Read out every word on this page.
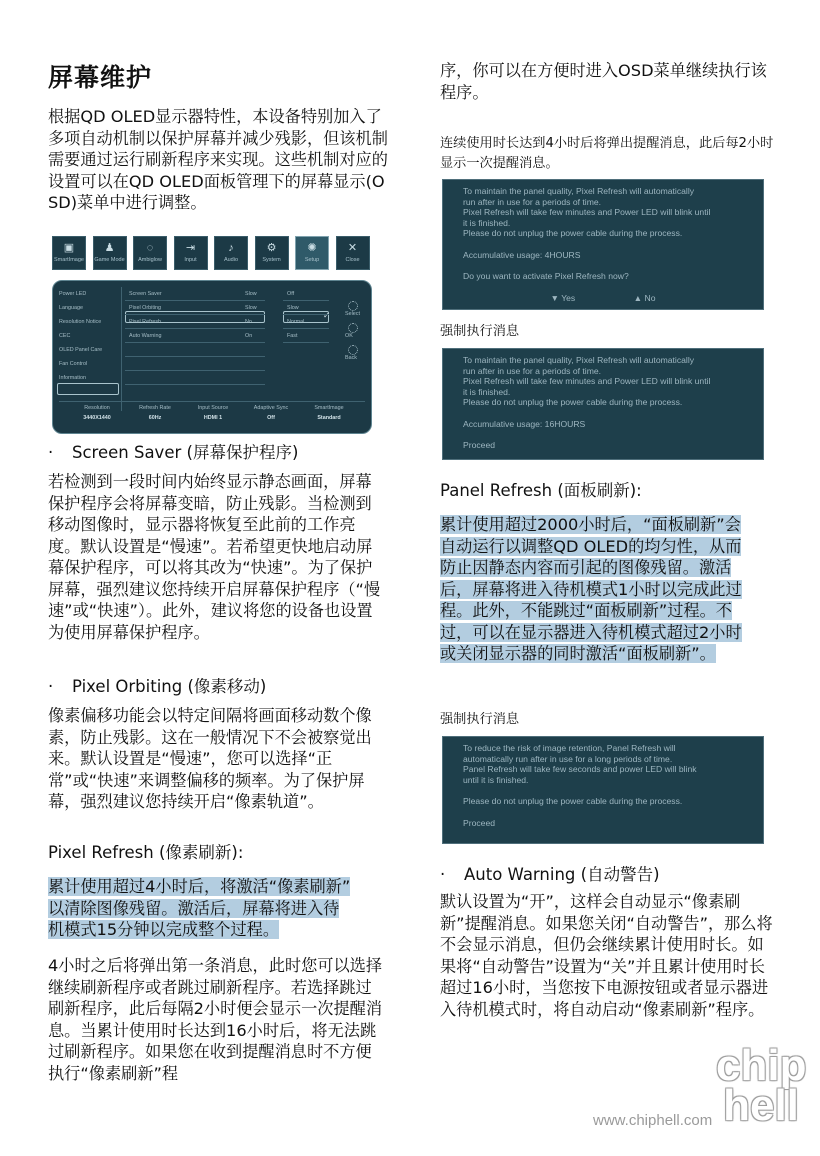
屏幕维护
根据QD OLED显示器特性，本设备特别加入了多项自动机制以保护屏幕并减少残影，但该机制需要通过运行刷新程序来实现。这些机制对应的设置可以在QD OLED面板管理下的屏幕显示(OSD)菜单中进行调整。
▣
SmartImage
♟
Game Mode
◌
Ambiglow
⇥
Input
♪
Audio
⚙
System
✺
Setup
✕
Close
✓
Power LED
Language
Resolution Notice
CEC
OLED Panel Care
Fan Control
Information
Screen Saver	Slow
Pixel Orbiting	Slow
Pixel Refresh	No
Auto Warning	On
Off
Slow
Normal
Fast
Select
OK
Back
Resolution
3440X1440
Refresh Rate
60Hz
Input Source
HDMI 1
Adaptive Sync
Off
SmartImage
Standard
· Screen Saver (屏幕保护程序)
若检测到一段时间内始终显示静态画面，屏幕保护程序会将屏幕变暗，防止残影。当检测到移动图像时，显示器将恢复至此前的工作亮度。默认设置是“慢速”。若希望更快地启动屏幕保护程序，可以将其改为“快速”。为了保护屏幕，强烈建议您持续开启屏幕保护程序（“慢速”或“快速”）。此外，建议将您的设备也设置为使用屏幕保护程序。
· Pixel Orbiting (像素移动)
像素偏移功能会以特定间隔将画面移动数个像素，防止残影。这在一般情况下不会被察觉出来。默认设置是“慢速”，您可以选择“正常”或“快速”来调整偏移的频率。为了保护屏幕，强烈建议您持续开启“像素轨道”。
Pixel Refresh (像素刷新):
累计使用超过4小时后，将激活“像素刷新”
以清除图像残留。激活后，屏幕将进入待
机模式15分钟以完成整个过程。
4小时之后将弹出第一条消息，此时您可以选择继续刷新程序或者跳过刷新程序。若选择跳过刷新程序，此后每隔2小时便会显示一次提醒消息。当累计使用时长达到16小时后，将无法跳过刷新程序。如果您在收到提醒消息时不方便执行“像素刷新”程
序，你可以在方便时进入OSD菜单继续执行该程序。
连续使用时长达到4小时后将弹出提醒消息，此后每2小时显示一次提醒消息。

To maintain the panel quality, Pixel Refresh will automatically

run after in use for a periods of time.

Pixel Refresh will take few minutes and Power LED will blink until

it is finished.

Please do not unplug the power cable during the process.

Accumulative usage: 4HOURS

Do you want to activate Pixel Refresh now?

▼ Yes	▲ No
强制执行消息

To maintain the panel quality, Pixel Refresh will automatically

run after in use for a periods of time.

Pixel Refresh will take few minutes and Power LED will blink until

it is finished.

Please do not unplug the power cable during the process.

Accumulative usage: 16HOURS

Proceed

Panel Refresh (面板刷新):
累计使用超过2000小时后，“面板刷新”会
自动运行以调整QD OLED的均匀性，从而
防止因静态内容而引起的图像残留。激活
后，屏幕将进入待机模式1小时以完成此过
程。此外，不能跳过“面板刷新”过程。不
过，可以在显示器进入待机模式超过2小时
或关闭显示器的同时激活“面板刷新”。
强制执行消息

To reduce the risk of image retention, Panel Refresh will

automatically run after in use for a long periods of time.

Panel Refresh will take few seconds and power LED will blink

until it is finished.

Please do not unplug the power cable during the process.

Proceed

· Auto Warning (自动警告)
默认设置为“开”，这样会自动显示“像素刷新”提醒消息。如果您关闭“自动警告”，那么将不会显示消息，但仍会继续累计使用时长。如果将“自动警告”设置为“关”并且累计使用时长超过16小时，当您按下电源按钮或者显示器进入待机模式时，将自动启动“像素刷新”程序。
chip hell
www.chiphell.com
